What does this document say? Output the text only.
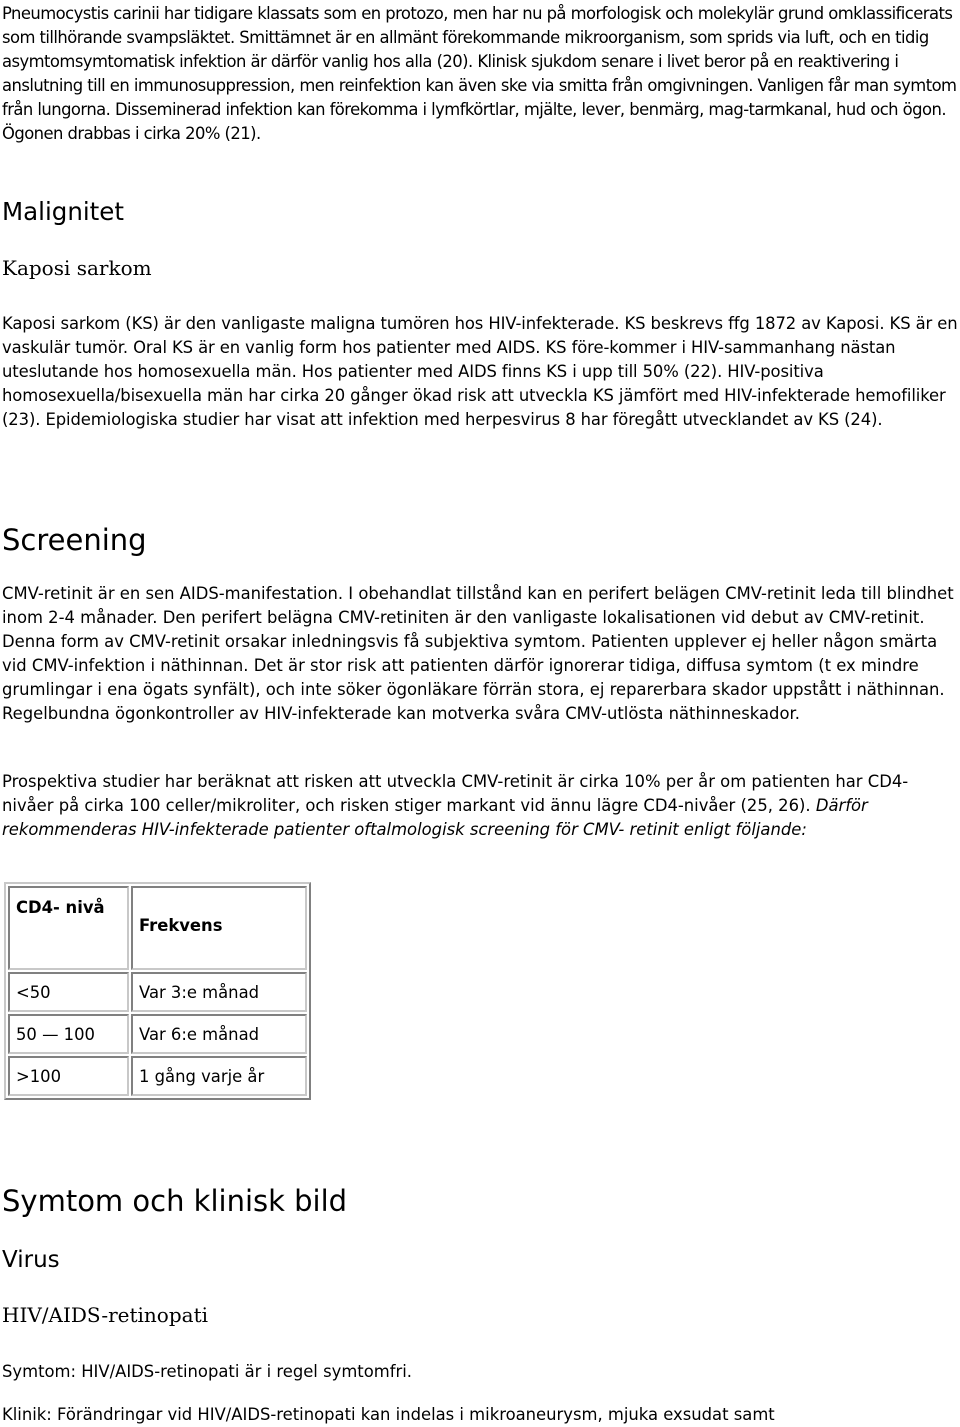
Pneumocystis carinii har tidigare klassats som en protozo, men har nu på morfologisk och molekylär grund omklassificerats som tillhörande svampsläktet. Smittämnet är en allmänt förekommande mikroorganism, som sprids via luft, och en tidig asymtomsymtomatisk infektion är därför vanlig hos alla (20). Klinisk sjukdom senare i livet beror på en reaktivering i anslutning till en immunosuppression, men reinfektion kan även ske via smitta från omgivningen. Vanligen får man symtom från lungorna. Disseminerad infektion kan förekomma i lymfkörtlar, mjälte, lever, benmärg, mag-tarmkanal, hud och ögon. Ögonen drabbas i cirka 20% (21).

Malignitet
Kaposi sarkom

Kaposi sarkom (KS) är den vanligaste maligna tumören hos HIV-infekterade. KS beskrevs ffg 1872 av Kaposi. KS är en vaskulär tumör. Oral KS är en vanlig form hos patienter med AIDS. KS före-kommer i HIV-sammanhang nästan uteslutande hos homosexuella män. Hos patienter med AIDS finns KS i upp till 50% (22). HIV-positiva homosexuella/bisexuella män har cirka 20 gånger ökad risk att utveckla KS jämfört med HIV-infekterade hemofiliker (23). Epidemiologiska studier har visat att infektion med herpesvirus 8 har föregått utvecklandet av KS (24).

Screening

CMV-retinit är en sen AIDS-manifestation. I obehandlat tillstånd kan en perifert belägen CMV-retinit leda till blindhet inom 2-4 månader. Den perifert belägna CMV-retiniten är den vanligaste lokalisationen vid debut av CMV-retinit. Denna form av CMV-retinit orsakar inledningsvis få subjektiva symtom. Patienten upplever ej heller någon smärta vid CMV-infektion i näthinnan. Det är stor risk att patienten därför ignorerar tidiga, diffusa symtom (t ex mindre grumlingar i ena ögats synfält), och inte söker ögonläkare förrän stora, ej reparerbara skador uppstått i näthinnan. Regelbundna ögonkontroller av HIV-infekterade kan motverka svåra CMV-utlösta näthinneskador.

Prospektiva studier har beräknat att risken att utveckla CMV-retinit är cirka 10% per år om patienten har CD4-nivåer på cirka 100 celler/mikroliter, och risken stiger markant vid ännu lägre CD4-nivåer (25, 26). Därför rekommenderas HIV-infekterade patienter oftalmologisk screening för CMV- retinit enligt följande:

CD4- nivå	Frekvens
<50	Var 3:e månad
50 — 100	Var 6:e månad
>100	1 gång varje år
Symtom och klinisk bild
Virus
HIV/AIDS-retinopati

Symtom: HIV/AIDS-retinopati är i regel symtomfri.

Klinik: Förändringar vid HIV/AIDS-retinopati kan indelas i mikroaneurysm, mjuka exsudat samt
